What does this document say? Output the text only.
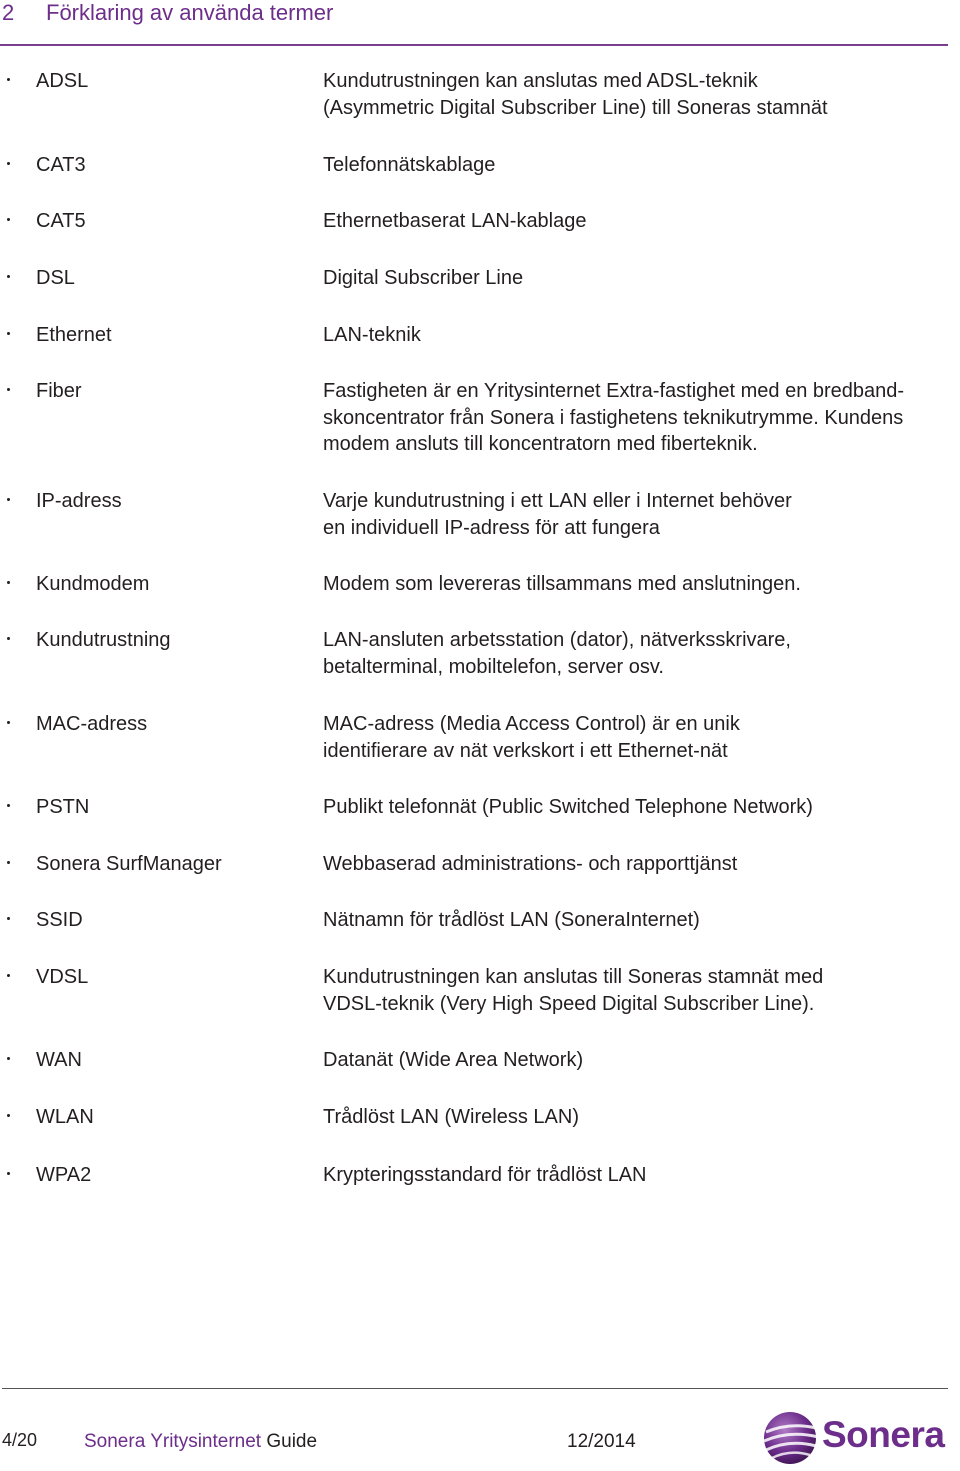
2 Förklaring av använda termer
ADSL	Kundutrustningen kan anslutas med ADSL-teknik
(Asymmetric Digital Subscriber Line) till Soneras stamnät
CAT3	Telefonnätskablage
CAT5	Ethernetbaserat LAN-kablage
DSL	Digital Subscriber Line
Ethernet	LAN-teknik
Fiber	Fastigheten är en Yritysinternet Extra-fastighet med en bredband-
skoncentrator från Sonera i fastighetens teknikutrymme. Kundens
modem ansluts till koncentratorn med fiberteknik.
IP-adress	Varje kundutrustning i ett LAN eller i Internet behöver
en individuell IP-adress för att fungera
Kundmodem	Modem som levereras tillsammans med anslutningen.
Kundutrustning	LAN-ansluten arbetsstation (dator), nätverksskrivare,
betalterminal, mobiltelefon, server osv.
MAC-adress	MAC-adress (Media Access Control) är en unik
identifierare av nät verkskort i ett Ethernet-nät
PSTN	Publikt telefonnät (Public Switched Telephone Network)
Sonera SurfManager	Webbaserad administrations- och rapporttjänst
SSID	Nätnamn för trådlöst LAN (SoneraInternet)
VDSL	Kundutrustningen kan anslutas till Soneras stamnät med
VDSL-teknik (Very High Speed Digital Subscriber Line).
WAN	Datanät (Wide Area Network)
WLAN	Trådlöst LAN (Wireless LAN)
WPA2	Krypteringsstandard för trådlöst LAN
4/20 Sonera Yritysinternet Guide	12/2014	Sonera
